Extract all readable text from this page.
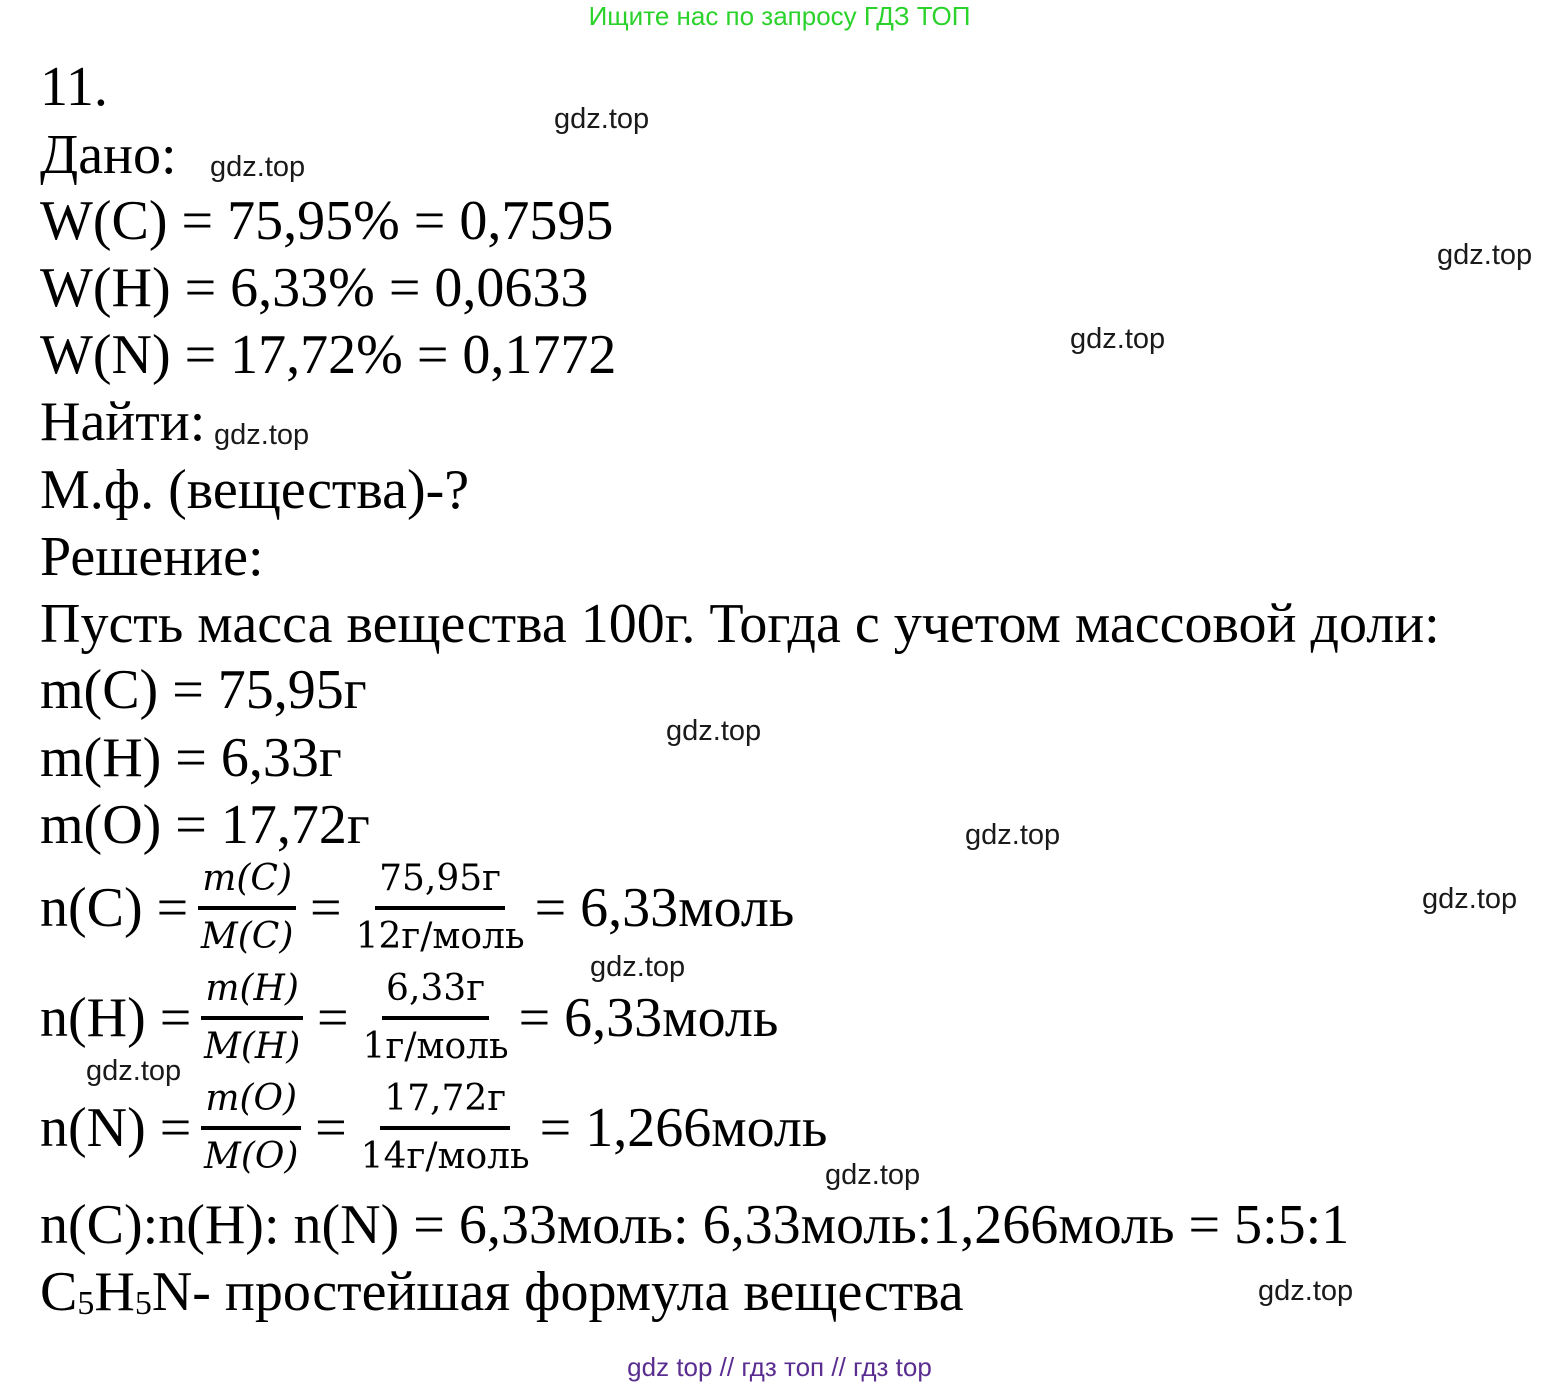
Ищите нас по запросу ГДЗ ТОП
11.
Дано:
W(C) = 75,95% = 0,7595
W(H) = 6,33% = 0,0633
W(N) = 17,72% = 0,1772
Найти:
М.ф. (вещества)-?
Решение:
Пусть масса вещества 100г. Тогда с учетом массовой доли:
m(C) = 75,95г
m(H) = 6,33г
m(O) = 17,72г
$n(C) = \frac{m(C)}{M(C)} = \frac{75,95г}{\text{12г/моль}}$ = 6,33моль
$n(H) = \frac{m(H)}{M(H)} = \frac{6,33г}{\text{1г/моль}}$ = 6,33моль
$n(N) = \frac{m(O)}{M(O)} = \frac{17,72г}{\text{14г/моль}}$ = 1,266моль
n(C):n(H): n(N) = 6,33моль: 6,33моль:1,266моль = 5:5:1
$C_5H_5N-$ простейшая формула вещества
gdz.top
gdz.top
gdz.top
gdz.top
gdz.top
gdz.top
gdz.top
gdz.top
gdz.top
gdz.top
gdz.top
gdz.top
gdz top // гдз топ // гдз top
